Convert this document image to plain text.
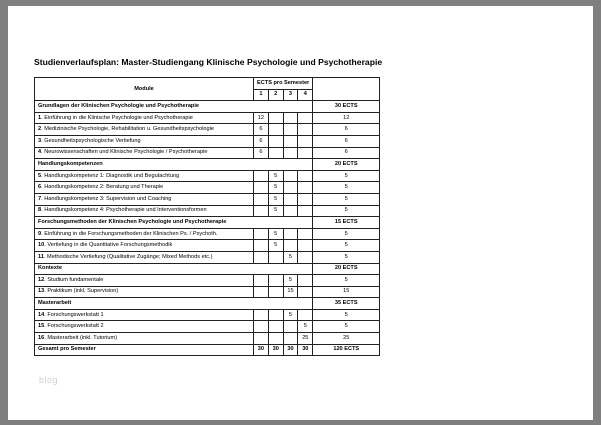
Studienverlaufsplan: Master-Studiengang Klinische Psychologie und Psychotherapie
Module	ECTS pro Semester				
	1	2	3	4	
Grundlagen der Klinischen Psychologie und Psychotherapie					30 ECTS
1. Einführung in die Klinische Psychologie und Psychotherapie	12				12
2. Medizinische Psychologie, Rehabilitation u. Gesundheitspsychologie	6				6
3. Gesundheitspsychologische Vertiefung	6				6
4. Neurowissenschaften und Klinische Psychologie / Psychotherapie	6				6
Handlungskompetenzen					20 ECTS
5. Handlungskompetenz 1: Diagnostik und Begutachtung		5			5
6. Handlungskompetenz 2: Beratung und Therapie		5			5
7. Handlungskompetenz 3: Supervision und Coaching		5			5
8. Handlungskompetenz 4: Psychotherapie und Interventionsformen		5			5
Forschungsmethoden der Klinischen Psychologie und Psychotherapie					15 ECTS
9. Einführung in die Forschungsmethoden der Klinischen Ps. / Psychoth.		5			5
10. Vertiefung in die Quantitative Forschungsmethodik		5			5
11. Methodische Vertiefung (Qualitative Zugänge; Mixed Methods etc.)			5		5
Kontexte					20 ECTS
12. Studium fundamentale			5		5
13. Praktikum (inkl. Supervision)			15		15
Masterarbeit					35 ECTS
14. Forschungswerkstatt 1			5		5
15. Forschungswerkstatt 2				5	5
16. Masterarbeit (inkl. Tutorium)				25	25
Gesamt pro Semester	30	30	30	30	120 ECTS
blog
